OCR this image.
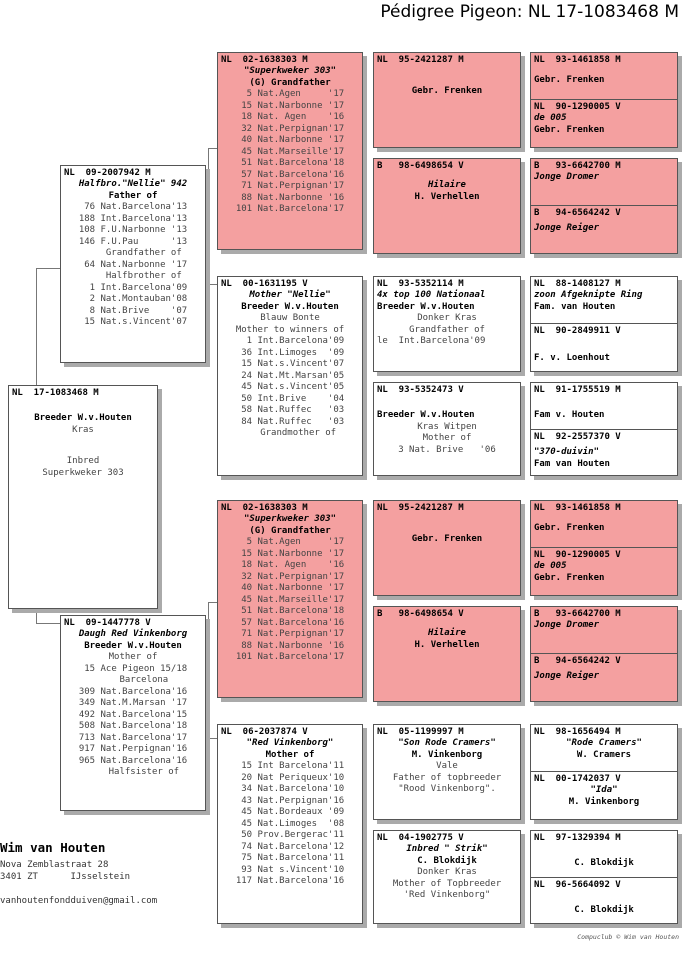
Pédigree Pigeon: NL 17-1083468 M
NL  17-1083468 M
Breeder W.v.Houten
Kras
Inbred
Superkweker 303
NL  09-2007942 M
Halfbro."Nellie" 942
Father of
76 Nat.Barcelona'13
188 Int.Barcelona'13
108 F.U.Narbonne '13
146 F.U.Pau      '13
Grandfather of
64 Nat.Narbonne '17
Halfbrother of
1 Int.Barcelona'09
2 Nat.Montauban'08
8 Nat.Brive    '07
15 Nat.s.Vincent'07
NL  09-1447778 V
Daugh Red Vinkenborg
Breeder W.v.Houten
Mother of
15 Ace Pigeon 15/18
Barcelona
309 Nat.Barcelona'16
349 Nat.M.Marsan '17
492 Nat.Barcelona'15
508 Nat.Barcelona'18
713 Nat.Barcelona'17
917 Nat.Perpignan'16
965 Nat.Barcelona'16
Halfsister of
NL  02-1638303 M
"Superkweker 303"
(G) Grandfather
5 Nat.Agen     '17
15 Nat.Narbonne '17
18 Nat. Agen    '16
32 Nat.Perpignan'17
40 Nat.Narbonne '17
45 Nat.Marseille'17
51 Nat.Barcelona'18
57 Nat.Barcelona'16
71 Nat.Perpignan'17
88 Nat.Narbonne '16
101 Nat.Barcelona'17
NL  00-1631195 V
Mother "Nellie"
Breeder W.v.Houten
Blauw Bonte
Mother to winners of
1 Int.Barcelona'09
36 Int.Limoges  '09
15 Nat.s.Vincent'07
24 Nat.Mt.Marsan'05
45 Nat.s.Vincent'05
50 Int.Brive    '04
58 Nat.Ruffec   '03
84 Nat.Ruffec   '03
Grandmother of
NL  02-1638303 M
"Superkweker 303"
(G) Grandfather
5 Nat.Agen     '17
15 Nat.Narbonne '17
18 Nat. Agen    '16
32 Nat.Perpignan'17
40 Nat.Narbonne '17
45 Nat.Marseille'17
51 Nat.Barcelona'18
57 Nat.Barcelona'16
71 Nat.Perpignan'17
88 Nat.Narbonne '16
101 Nat.Barcelona'17
NL  06-2037874 V
"Red Vinkenborg"
Mother of
15 Int Barcelona'11
20 Nat Periqueux'10
34 Nat.Barcelona'10
43 Nat.Perpignan'16
45 Nat.Bordeaux '09
45 Nat.Limoges  '08
50 Prov.Bergerac'11
74 Nat.Barcelona'12
75 Nat.Barcelona'11
93 Nat s.Vincent'10
117 Nat.Barcelona'16
NL  95-2421287 M
Gebr. Frenken
B   98-6498654 V
Hilaire
H. Verhellen
NL  93-5352114 M
4x top 100 Nationaal
Breeder W.v.Houten
Donker Kras
Grandfather of
le  Int.Barcelona'09
NL  93-5352473 V
Breeder W.v.Houten
Kras Witpen
Mother of
3 Nat. Brive   '06
NL  95-2421287 M
Gebr. Frenken
B   98-6498654 V
Hilaire
H. Verhellen
NL  05-1199997 M
"Son Rode Cramers"
M. Vinkenborg
Vale
Father of topbreeder
"Rood Vinkenborg".
NL  04-1902775 V
Inbred " Strik"
C. Blokdijk
Donker Kras
Mother of Topbreeder
'Red Vinkenborg"
NL  93-1461858 M
Gebr. Frenken
NL  90-1290005 V
de 005
Gebr. Frenken
B   93-6642700 M
Jonge Dromer
B   94-6564242 V
Jonge Reiger
NL  88-1408127 M
zoon Afgeknipte Ring
Fam. van Houten
NL  90-2849911 V
F. v. Loenhout
NL  91-1755519 M
Fam v. Houten
NL  92-2557370 V
"370-duivin"
Fam van Houten
NL  93-1461858 M
Gebr. Frenken
NL  90-1290005 V
de 005
Gebr. Frenken
B   93-6642700 M
Jonge Dromer
B   94-6564242 V
Jonge Reiger
NL  98-1656494 M
"Rode Cramers"
W. Cramers
NL  00-1742037 V
"Ida"
M. Vinkenborg
NL  97-1329394 M
C. Blokdijk
NL  96-5664092 V
C. Blokdijk
Wim van Houten
Nova Zemblastraat 28
3401 ZT      IJsselstein
vanhoutenfondduiven@gmail.com
Compuclub © Wim van Houten
